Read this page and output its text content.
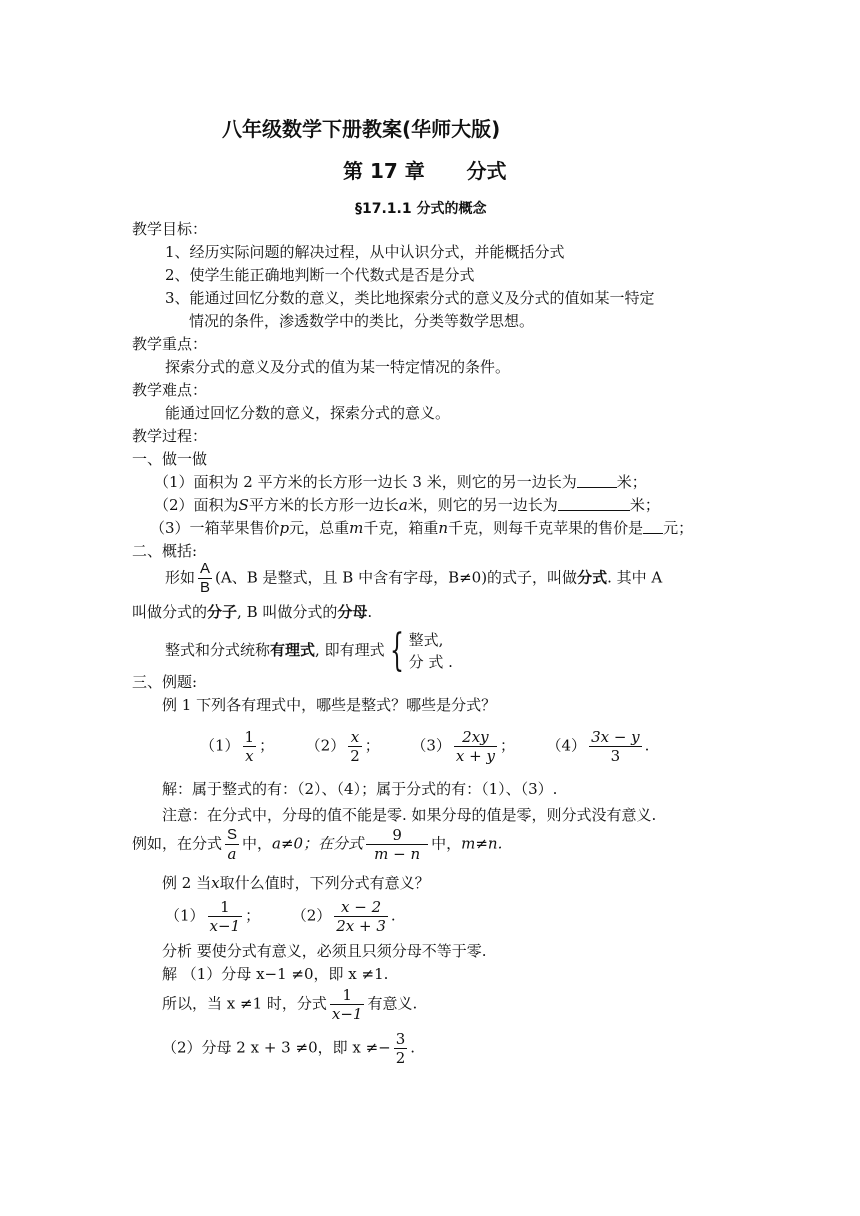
八年级数学下册教案(华师大版)
第 17 章      分式
§17.1.1 分式的概念
教学目标：
1、经历实际问题的解决过程，从中认识分式，并能概括分式
2、使学生能正确地判断一个代数式是否是分式
3、能通过回忆分数的意义，类比地探索分式的意义及分式的值如某一特定
情况的条件，渗透数学中的类比，分类等数学思想。
教学重点：
探索分式的意义及分式的值为某一特定情况的条件。
教学难点：
能通过回忆分数的意义，探索分式的意义。
教学过程：
一、做一做
（1）面积为 2 平方米的长方形一边长 3 米，则它的另一边长为	米；
（2）面积为S平方米的长方形一边长a米，则它的另一边长为	米；
（3）一箱苹果售价p元，总重m千克，箱重n千克，则每千克苹果的售价是 元；
二、概括:
形如 $\frac{A}{B} (A$、B 是整式，且 B 中含有字母，B≠0)的式子，叫做分式. 其中 A
叫做分式的分子, B 叫做分式的分母.
整式和分式统称有理式, 即有理式 { 整式,
分 式 .
三、例题:
例 1 下列各有理式中，哪些是整式？哪些是分式？
$(1) \frac{1}{x}$ ； $(2) \frac{x}{2}$ ； $(3) \frac{2xy}{x + y}$ ； $(4) \frac{3x - y}{3}$ .
解：属于整式的有：（2）、（4）；属于分式的有：（1）、（3）.
注意：在分式中，分母的值不能是零. 如果分母的值是零，则分式没有意义.
例如，在分式 $\frac{S}{a}$ 中，a≠0；在分式 $\frac{9}{m - n}$ 中，m≠n.
例 2 当x取什么值时，下列分式有意义？
$(1) \frac{1}{x-1}$ ； $(2) \frac{x - 2}{2x + 3}$ .
分析 要使分式有意义，必须且只须分母不等于零.
解 （1）分母 x−1 ≠0，即 x ≠1.
所以，当 x ≠1 时，分式 $\frac{1}{x-1}$ 有意义.
（2）分母 2 x + 3 ≠0，即 $x \ne- \frac{3}{2}$ .
